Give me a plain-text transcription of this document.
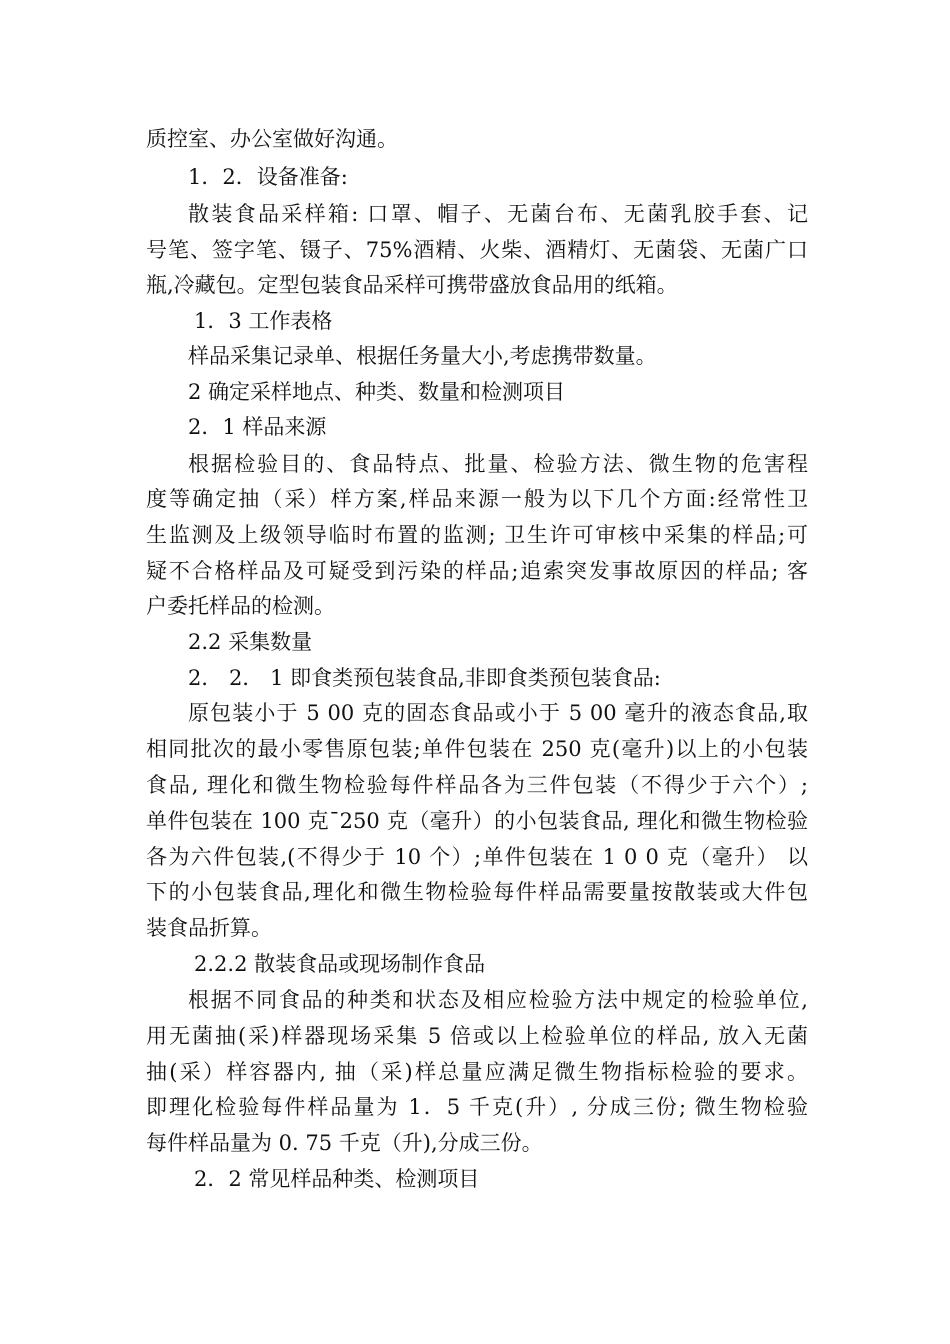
质控室、办公室做好沟通。
1．2．设备准备:
散装食品采样箱: 口罩、帽子、无菌台布、无菌乳胶手套、记
号笔、签字笔、镊子、75%酒精、火柴、酒精灯、无菌袋、无菌广口
瓶,冷藏包。定型包装食品采样可携带盛放食品用的纸箱。
1．3 工作表格
样品采集记录单、根据任务量大小,考虑携带数量。
2 确定采样地点、种类、数量和检测项目
2．1 样品来源
根据检验目的、食品特点、批量、检验方法、微生物的危害程
度等确定抽（采）样方案,样品来源一般为以下几个方面:经常性卫
生监测及上级领导临时布置的监测; 卫生许可审核中采集的样品;可
疑不合格样品及可疑受到污染的样品;追索突发事故原因的样品; 客
户委托样品的检测。
2.2 采集数量
2． 2． 1 即食类预包装食品,非即食类预包装食品:
原包装小于 5 00 克的固态食品或小于 5 00 毫升的液态食品,取
相同批次的最小零售原包装;单件包装在 250 克(毫升)以上的小包装
食品, 理化和微生物检验每件样品各为三件包装（不得少于六个）;
单件包装在 100 克¯250 克（毫升）的小包装食品, 理化和微生物检验
各为六件包装,(不得少于 10 个）;单件包装在 1 0 0 克（毫升） 以
下的小包装食品,理化和微生物检验每件样品需要量按散装或大件包
装食品折算。
2.2.2 散装食品或现场制作食品
根据不同食品的种类和状态及相应检验方法中规定的检验单位,
用无菌抽(采)样器现场采集 5 倍或以上检验单位的样品, 放入无菌
抽(采）样容器内, 抽（采)样总量应满足微生物指标检验的要求。
即理化检验每件样品量为 1．5 千克(升）, 分成三份; 微生物检验
每件样品量为 0. 75 千克（升),分成三份。
2．2 常见样品种类、检测项目
